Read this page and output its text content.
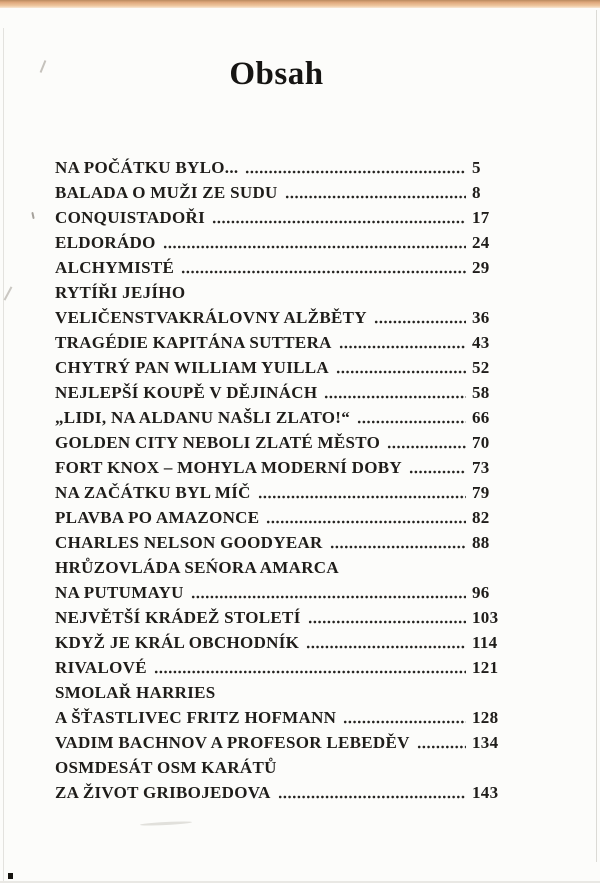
Obsah
NA POČÁTKU BYLO...	5
BALADA O MUŽI ZE SUDU	8
CONQUISTADOŘI	17
ELDORÁDO	24
ALCHYMISTÉ	29
RYTÍŘI JEJÍHO
VELIČENSTVAKRÁLOVNY ALŽBĚTY	36
TRAGÉDIE KAPITÁNA SUTTERA	43
CHYTRÝ PAN WILLIAM YUILLA	52
NEJLEPŠÍ KOUPĚ V DĚJINÁCH	58
„LIDI, NA ALDANU NAŠLI ZLATO!“	66
GOLDEN CITY NEBOLI ZLATÉ MĚSTO	70
FORT KNOX – MOHYLA MODERNÍ DOBY	73
NA ZAČÁTKU BYL MÍČ	79
PLAVBA PO AMAZONCE	82
CHARLES NELSON GOODYEAR	88
HRŮZOVLÁDA SEŃORA AMARCA
NA PUTUMAYU	96
NEJVĚTŠÍ KRÁDEŽ STOLETÍ	103
KDYŽ JE KRÁL OBCHODNÍK	114
RIVALOVÉ	121
SMOLAŘ HARRIES
A ŠŤASTLIVEC FRITZ HOFMANN	128
VADIM BACHNOV A PROFESOR LEBEDĚV	134
OSMDESÁT OSM KARÁTŮ
ZA ŽIVOT GRIBOJEDOVA	143
